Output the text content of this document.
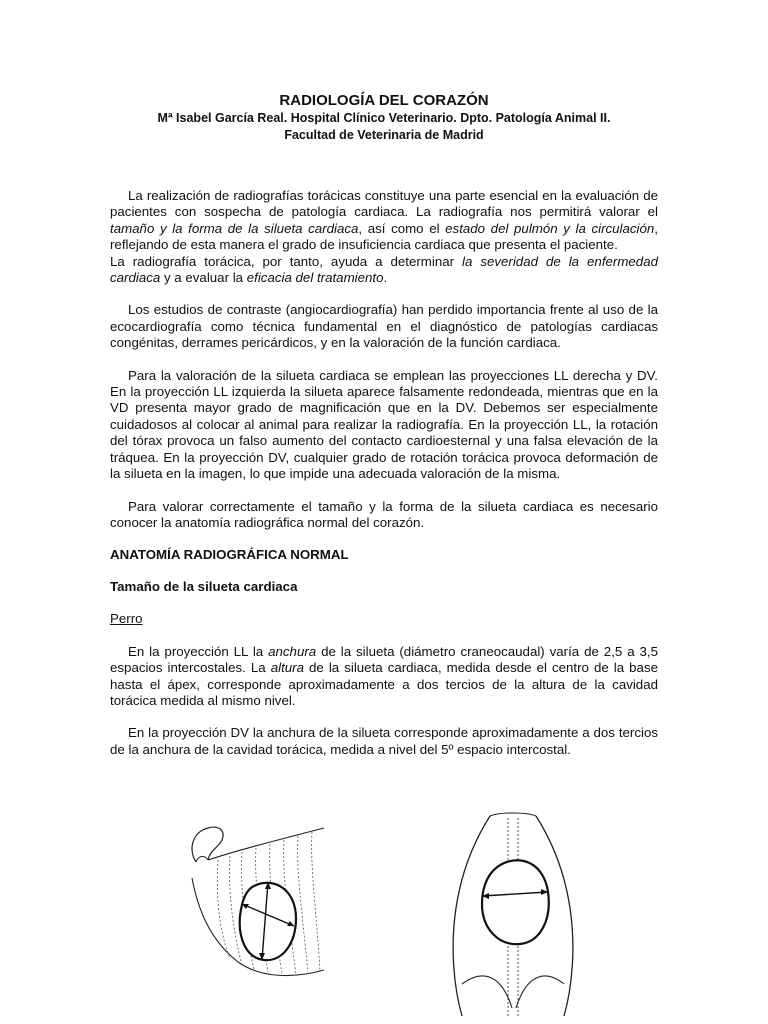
RADIOLOGÍA DEL CORAZÓN

Mª Isabel García Real. Hospital Clínico Veterinario. Dpto. Patología Animal II.

Facultad de Veterinaria de Madrid

La realización de radiografías torácicas constituye una parte esencial en la evaluación de pacientes con sospecha de patología cardiaca. La radiografía nos permitirá valorar el tamaño y la forma de la silueta cardiaca, así como el estado del pulmón y la circulación, reflejando de esta manera el grado de insuficiencia cardiaca que presenta el paciente.

La radiografía torácica, por tanto, ayuda a determinar la severidad de la enfermedad cardiaca y a evaluar la eficacia del tratamiento.

Los estudios de contraste (angiocardiografía) han perdido importancia frente al uso de la ecocardiografía como técnica fundamental en el diagnóstico de patologías cardiacas congénitas, derrames pericárdicos, y en la valoración de la función cardiaca.

Para la valoración de la silueta cardiaca se emplean las proyecciones LL derecha y DV. En la proyección LL izquierda la silueta aparece falsamente redondeada, mientras que en la VD presenta mayor grado de magnificación que en la DV. Debemos ser especialmente cuidadosos al colocar al animal para realizar la radiografía. En la proyección LL, la rotación del tórax provoca un falso aumento del contacto cardioesternal y una falsa elevación de la tráquea. En la proyección DV, cualquier grado de rotación torácica provoca deformación de la silueta en la imagen, lo que impide una adecuada valoración de la misma.

Para valorar correctamente el tamaño y la forma de la silueta cardiaca es necesario conocer la anatomía radiográfica normal del corazón.

ANATOMÍA RADIOGRÁFICA NORMAL

Tamaño de la silueta cardiaca

Perro

En la proyección LL la anchura de la silueta (diámetro craneocaudal) varía de 2,5 a 3,5 espacios intercostales. La altura de la silueta cardiaca, medida desde el centro de la base hasta el ápex, corresponde aproximadamente a dos tercios de la altura de la cavidad torácica medida al mismo nivel.

En la proyección DV la anchura de la silueta corresponde aproximadamente a dos tercios de la anchura de la cavidad torácica, medida a nivel del 5º espacio intercostal.
